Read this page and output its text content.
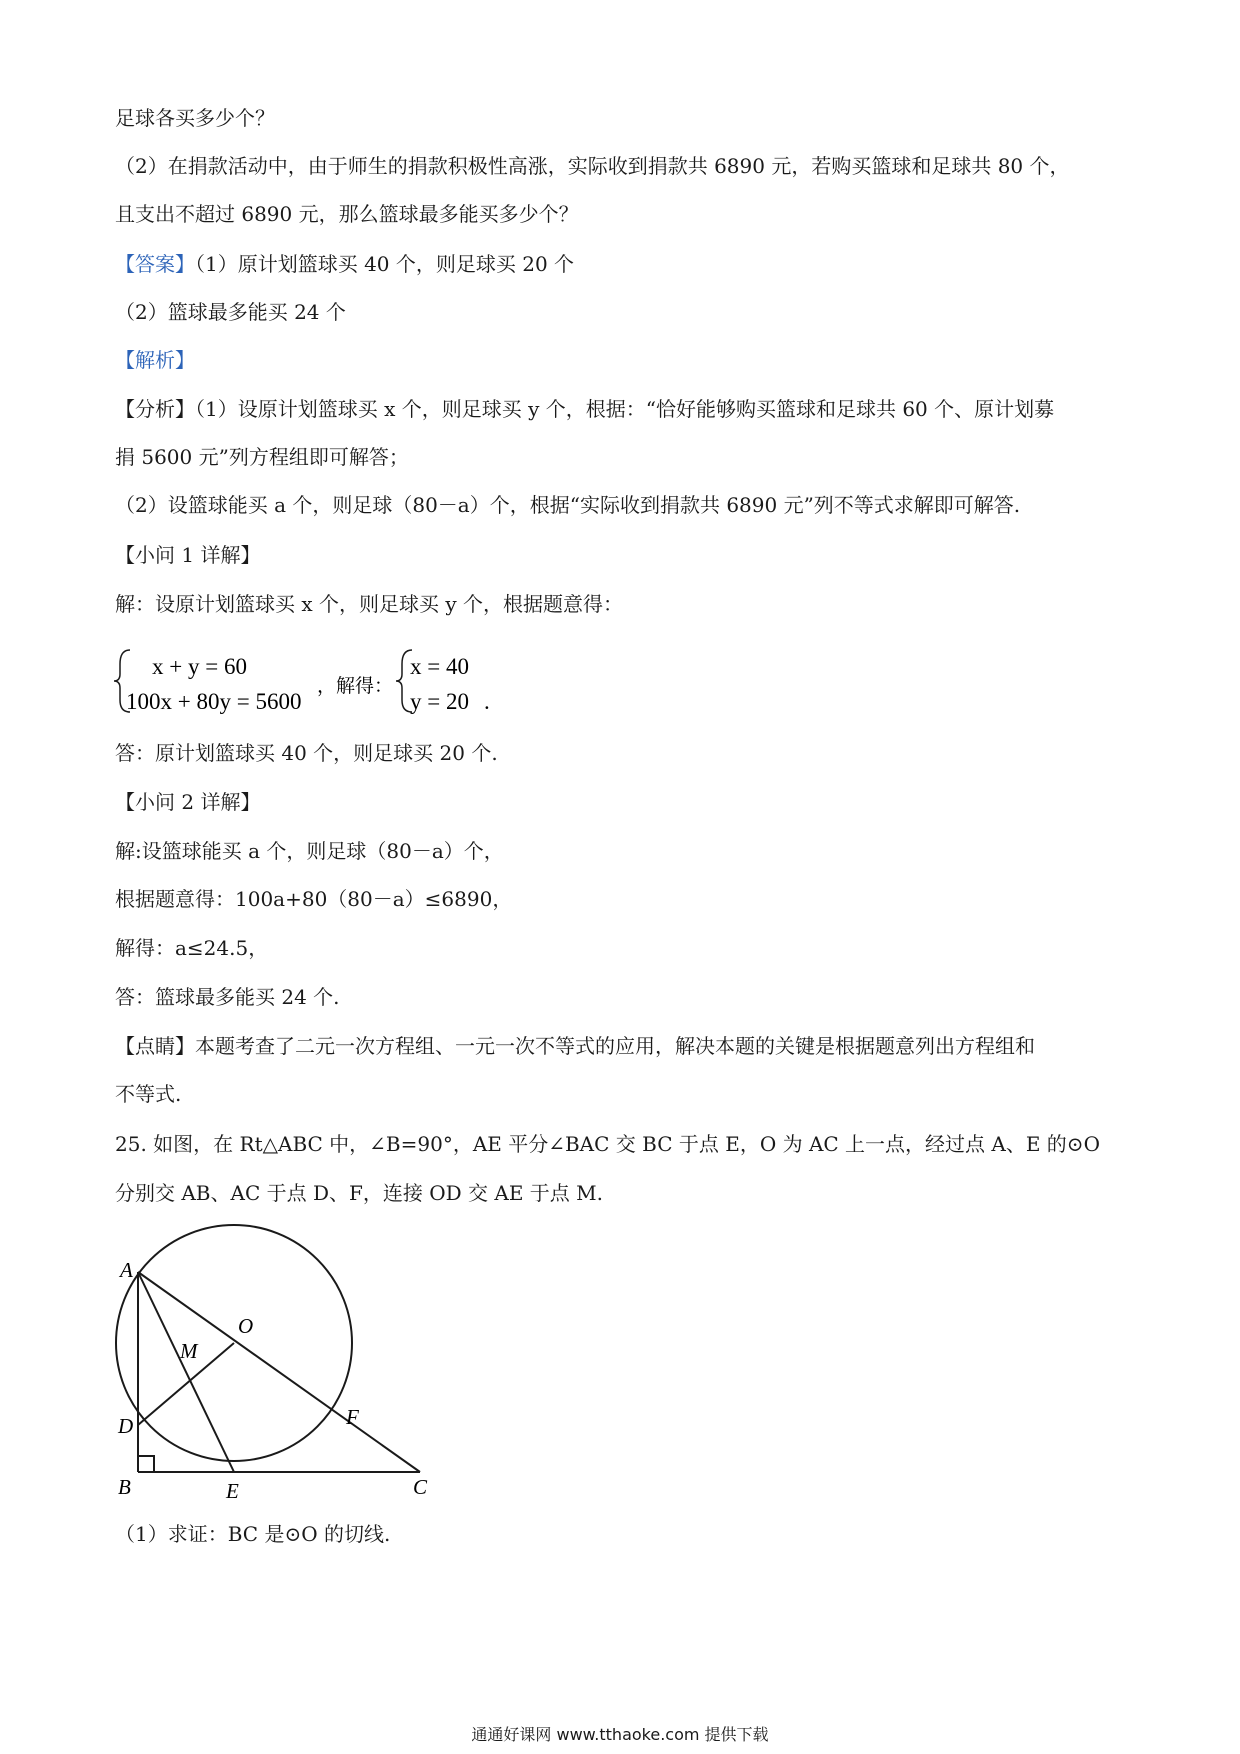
足球各买多少个？
（2）在捐款活动中，由于师生的捐款积极性高涨，实际收到捐款共 6890 元，若购买篮球和足球共 80 个，
且支出不超过 6890 元，那么篮球最多能买多少个？
【答案】（1）原计划篮球买 40 个，则足球买 20 个
（2）篮球最多能买 24 个
【解析】
【分析】（1）设原计划篮球买 x 个，则足球买 y 个，根据：“恰好能够购买篮球和足球共 60 个、原计划募
捐 5600 元”列方程组即可解答；
（2）设篮球能买 a 个，则足球（80－a）个，根据“实际收到捐款共 6890 元”列不等式求解即可解答.
【小问 1 详解】
解：设原计划篮球买 x 个，则足球买 y 个，根据题意得：
x + y = 60
100x + 80y = 5600
，解得：
x = 40
y = 20 .
答：原计划篮球买 40 个，则足球买 20 个.
【小问 2 详解】
解:设篮球能买 a 个，则足球（80－a）个，
根据题意得：100a+80（80－a）≤6890，
解得：a≤24.5，
答：篮球最多能买 24 个.
【点睛】本题考查了二元一次方程组、一元一次不等式的应用，解决本题的关键是根据题意列出方程组和
不等式.
25. 如图，在 Rt△ABC 中，∠B=90°，AE 平分∠BAC 交 BC 于点 E，O 为 AC 上一点，经过点 A、E 的⊙O
分别交 AB、AC 于点 D、F，连接 OD 交 AE 于点 M.
A
O
M
D	F
B	E	C
（1）求证：BC 是⊙O 的切线.
通通好课网 www.tthaoke.com 提供下载
